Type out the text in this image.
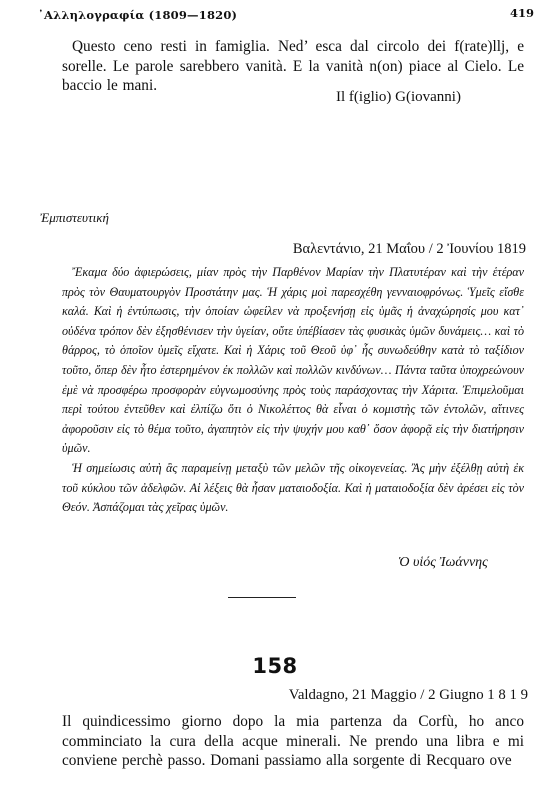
᾿Αλληλογραφία (1809—1820)	419

Questo ceno resti in famiglia. Ned’ esca dal circolo dei f(rate)llj, e sorelle. Le parole sarebbero vanità. E la vanità n(on) piace al Cielo. Le baccio le mani.

Il f(iglio) G(iovanni)
Ἐμπιστευτική
Βαλεντάνιο, 21 Μαΐου / 2 Ἰουνίου 1819

Ἔκαμα δύο ἀφιερώσεις, μίαν πρὸς τὴν Παρθένον Μαρίαν τὴν Πλατυτέραν καὶ τὴν ἑτέραν πρὸς τὸν Θαυματουργὸν Προστάτην μας. Ἡ χάρις μοὶ παρεσχέθη γενναιοφρόνως. Ὑμεῖς εἴσθε καλά. Καὶ ἡ ἐντύπωσις, τὴν ὁποίαν ὠφείλεν νὰ προξενήσῃ εἰς ὑμᾶς ἡ ἀναχώρησίς μου κατ᾿ οὐδένα τρόπον δὲν ἐξησθένισεν τὴν ὑγείαν, οὔτε ὑπέβίασεν τὰς φυσικὰς ὑμῶν δυνάμεις… καὶ τὸ θάρρος, τὸ ὁποῖον ὑμεῖς εἴχατε. Καὶ ἡ Χάρις τοῦ Θεοῦ ὑφ᾿ ἧς συνωδεύθην κατὰ τὸ ταξίδιον τοῦτο, ὅπερ δὲν ἦτο ἐστερημένον ἐκ πολλῶν καὶ πολλῶν κινδύνων… Πάντα ταῦτα ὑποχρεώνουν ἐμὲ νὰ προσφέρω προσφορὰν εὐγνωμοσύνης πρὸς τοὺς παράσχοντας τὴν Χάριτα. Ἐπιμελοῦμαι περὶ τούτου ἐντεῦθεν καὶ ἐλπίζω ὅτι ὁ Νικολέττος θὰ εἶναι ὁ κομιστὴς τῶν ἐντολῶν, αἵτινες ἀφοροῦσιν εἰς τὸ θέμα τοῦτο, ἀγαπητὸν εἰς τὴν ψυχήν μου καθ᾿ ὅσον ἀφορᾷ εἰς τὴν διατήρησιν ὑμῶν.

Ἡ σημείωσις αὐτὴ ἂς παραμείνῃ μεταξὺ τῶν μελῶν τῆς οἰκογενείας. Ἂς μὴν ἐξέλθῃ αὐτὴ ἐκ τοῦ κύκλου τῶν ἀδελφῶν. Αἱ λέξεις θὰ ἦσαν ματαιοδοξία. Καὶ ἡ ματαιοδοξία δὲν ἀρέσει εἰς τὸν Θεόν. Ἀσπάζομαι τὰς χεῖρας ὑμῶν.

Ὁ υἱός Ἰωάννης
158
Valdagno, 21 Maggio / 2 Giugno 1 8 1 9

Il quindicessimo giorno dopo la mia partenza da Corfù, ho anco comminciato la cura della acque minerali. Ne prendo una libra e mi conviene perchè passo. Domani passiamo alla sorgente di Recquaro ove
